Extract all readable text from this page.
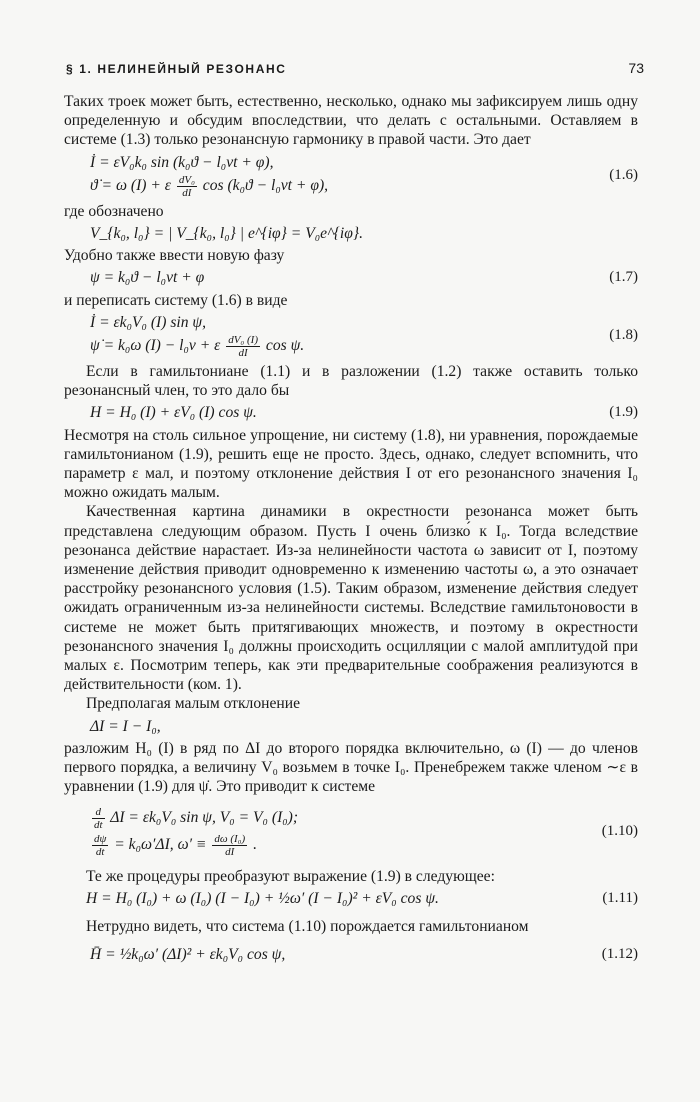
§ 1. НЕЛИНЕЙНЫЙ РЕЗОНАНС	73

Таких троек может быть, естественно, несколько, однако мы зафиксируем лишь одну определенную и обсудим впоследствии, что делать с остальными. Оставляем в системе (1.3) только резонансную гармонику в правой части. Это дает

İ = εV₀k₀ sin (k₀ϑ − l₀νt + φ),
ϑ̇ = ω (I) + ε $\frac{\text{dV₀}}{dI}$ cos (k₀ϑ − l₀νt + φ),
(1.6)

где обозначено

V_{k₀, l₀} = | V_{k₀, l₀} | e^{iφ} = V₀e^{iφ}.

Удобно также ввести новую фазу

ψ = k₀ϑ − l₀νt + φ	(1.7)

и переписать систему (1.6) в виде

İ = εk₀V₀ (I) sin ψ,
ψ̇ = k₀ω (I) − l₀ν + ε $\frac{\text{dV₀ (I)}}{dI}$ cos ψ.
(1.8)

Если в гамильтониане (1.1) и в разложении (1.2) также оставить только резонансный член, то это дало бы

H = H₀ (I) + εV₀ (I) cos ψ.	(1.9)

Несмотря на столь сильное упрощение, ни систему (1.8), ни уравнения, порождаемые гамильтонианом (1.9), решить еще не просто. Здесь, однако, следует вспомнить, что параметр ε мал, и поэтому отклонение действия I от его резонансного значения I₀ можно ожидать малым.

Качественная картина динамики в окрестности резонанса может быть представлена следующим образом. Пусть I очень близко́ к I₀. Тогда вследствие резонанса действие нарастает. Из-за нелинейности частота ω зависит от I, поэтому изменение действия приводит одновременно к изменению частоты ω, а это означает расстройку резонансного условия (1.5). Таким образом, изменение действия следует ожидать ограниченным из-за нелинейности системы. Вследствие гамильтоновости в системе не может быть притягивающих множеств, и поэтому в окрестности резонансного значения I₀ должны происходить осцилляции с малой амплитудой при малых ε. Посмотрим теперь, как эти предварительные соображения реализуются в действительности (ком. 1).

Предполагая малым отклонение

ΔI = I − I₀,

разложим H₀ (I) в ряд по ΔI до второго порядка включительно, ω (I) — до членов первого порядка, а величину V₀ возьмем в точке I₀. Пренебрежем также членом ∼ε в уравнении (1.9) для ψ̇. Это приводит к системе

$\frac{d}{dt}$ ΔI = εk₀V₀ sin ψ, V₀ = V₀ (I₀);
$\frac{d\psi}{dt} = k_0\omega'\Delta I$, $\omega' \equiv \frac{\text{dω (I₀)}}{dI}$ .
(1.10)

Те же процедуры преобразуют выражение (1.9) в следующее:

H = H₀ (I₀) + ω (I₀) (I − I₀) + ½ω′ (I − I₀)² + εV₀ cos ψ.	(1.11)

Нетрудно видеть, что система (1.10) порождается гамильтонианом

H̄ = ½k₀ω′ (ΔI)² + εk₀V₀ cos ψ,	(1.12)
